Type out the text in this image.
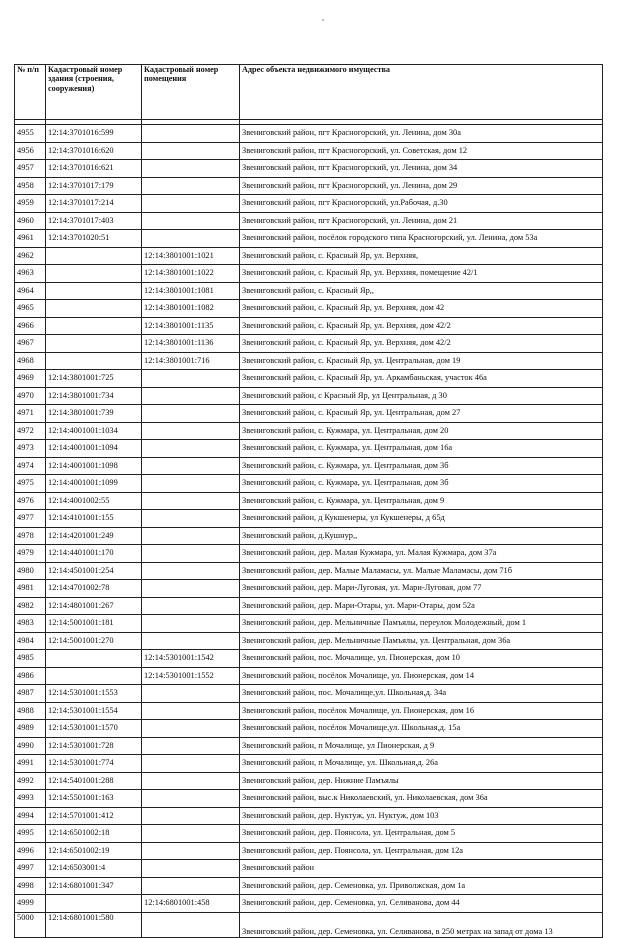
№ п/п	Кадастровый номер здания (строения, сооружения)	Кадастровый номер помещения	Адрес объекта недвижимого имущества

4955	12:14:3701016:599		Звениговский район, пгт Красногорский, ул. Ленина, дом 30а
4956	12:14:3701016:620		Звениговский район, пгт Красногорский, ул. Советская, дом 12
4957	12:14:3701016:621		Звениговский район, пгт Красногорский, ул. Ленина, дом 34
4958	12:14:3701017:179		Звениговский район, пгт Красногорский, ул. Ленина, дом 29
4959	12:14:3701017:214		Звениговский район, пгт Красногорский, ул.Рабочая, д.30
4960	12:14:3701017:403		Звениговский район, пгт Красногорский, ул. Ленина, дом 21
4961	12:14:3701020:51		Звениговский район, посёлок городского типа Красногорский, ул. Ленина, дом 53а
4962		12:14:3801001:1021	Звениговский район, с. Красный Яр, ул. Верхняя,
4963		12:14:3801001:1022	Звениговский район, с. Красный Яр, ул. Верхняя, помещение 42/1
4964		12:14:3801001:1081	Звениговский район, с. Красный Яр,,
4965		12:14:3801001:1082	Звениговский район, с. Красный Яр, ул. Верхняя, дом 42
4966		12:14:3801001:1135	Звениговский район, с. Красный Яр, ул. Верхняя, дом 42/2
4967		12:14:3801001:1136	Звениговский район, с. Красный Яр, ул. Верхняя, дом 42/2
4968		12:14:3801001:716	Звениговский район, с. Красный Яр, ул. Центральная, дом 19
4969	12:14:3801001:725		Звениговский район, с. Красный Яр, ул. Аркамбаньская, участок 46а
4970	12:14:3801001:734		Звениговский район, с Красный Яр, ул Центральная, д 30
4971	12:14:3801001:739		Звениговский район, с. Красный Яр, ул. Центральная, дом 27
4972	12:14:4001001:1034		Звениговский район, с. Кужмара, ул. Центральная, дом 20
4973	12:14:4001001:1094		Звениговский район, с. Кужмара, ул. Центральная, дом 16а
4974	12:14:4001001:1098		Звениговский район, с. Кужмара, ул. Центральная, дом 3б
4975	12:14:4001001:1099		Звениговский район, с. Кужмара, ул. Центральная, дом 3б
4976	12:14:4001002:55		Звениговский район, с. Кужмара, ул. Центральная, дом 9
4977	12:14:4101001:155		Звениговский район, д Кукшенеры, ул Кукшенеры, д 65д
4978	12:14:4201001:249		Звениговский район, д.Кушнур,,
4979	12:14:4401001:170		Звениговский район, дер. Малая Кужмара, ул. Малая Кужмара, дом 37а
4980	12:14:4501001:254		Звениговский район, дер. Малые Маламасы, ул. Малые Маламасы, дом 71б
4981	12:14:4701002:78		Звениговский район, дер. Мари-Луговая, ул. Мари-Луговая, дом 77
4982	12:14:4801001:267		Звениговский район, дер. Мари-Отары, ул. Мари-Отары, дом 52а
4983	12:14:5001001:181		Звениговский район, дер. Мельничные Памъялы, переулок Молодежный, дом 1
4984	12:14:5001001:270		Звениговский район, дер. Мельничные Памъялы, ул. Центральная, дом 36а
4985		12:14:5301001:1542	Звениговский район, пос. Мочалище, ул. Пионерская, дом 10
4986		12:14:5301001:1552	Звениговский район, посёлок Мочалище, ул. Пионерская, дом 14
4987	12:14:5301001:1553		Звениговский район, пос. Мочалище,ул. Школьная,д. 34а
4988	12:14:5301001:1554		Звениговский район, посёлок Мочалище, ул. Пионерская, дом 16
4989	12:14:5301001:1570		Звениговский район, посёлок Мочалище,ул. Школьная,д. 15а
4990	12:14:5301001:728		Звениговский район, п Мочалище, ул Пионерская, д 9
4991	12:14:5301001:774		Звениговский район, п Мочалище, ул. Школьная,д. 26а
4992	12:14:5401001:288		Звениговский район, дер. Нижние Памъялы
4993	12:14:5501001:163		Звениговский район, выс.к Николаевский, ул. Николаевская, дом 36а
4994	12:14:5701001:412		Звениговский район, дер. Нуктуж, ул. Нуктуж, дом 103
4995	12:14:6501002:18		Звениговский район, дер. Поянсола, ул. Центральная, дом 5
4996	12:14:6501002:19		Звениговский район, дер. Поянсола, ул. Центральная, дом 12а
4997	12:14:6503001:4		Звениговский район
4998	12:14:6801001:347		Звениговский район, дер. Семеновка, ул. Приволжская, дом 1а
4999		12:14:6801001:458	Звениговский район, дер. Семеновка, ул. Селиванова, дом 44
5000	12:14:6801001:580		Звениговский район, дер. Семеновка, ул. Селиванова, в 250 метрах на запад от дома 13
